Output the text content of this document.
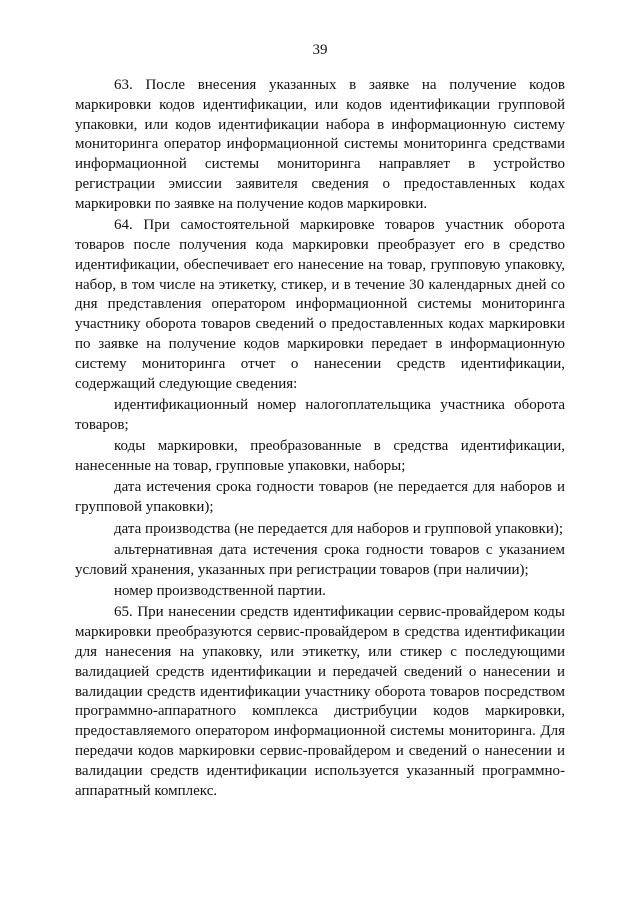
39

63. После внесения указанных в заявке на получение кодов маркировки кодов идентификации, или кодов идентификации групповой упаковки, или кодов идентификации набора в информационную систему мониторинга оператор информационной системы мониторинга средствами информационной системы мониторинга направляет в устройство регистрации эмиссии заявителя сведения о предоставленных кодах маркировки по заявке на получение кодов маркировки.

64. При самостоятельной маркировке товаров участник оборота товаров после получения кода маркировки преобразует его в средство идентификации, обеспечивает его нанесение на товар, групповую упаковку, набор, в том числе на этикетку, стикер, и в течение 30 календарных дней со дня представления оператором информационной системы мониторинга участнику оборота товаров сведений о предоставленных кодах маркировки по заявке на получение кодов маркировки передает в информационную систему мониторинга отчет о нанесении средств идентификации, содержащий следующие сведения:

идентификационный номер налогоплательщика участника оборота товаров;

коды маркировки, преобразованные в средства идентификации, нанесенные на товар, групповые упаковки, наборы;

дата истечения срока годности товаров (не передается для наборов и групповой упаковки);

дата производства (не передается для наборов и групповой упаковки);

альтернативная дата истечения срока годности товаров с указанием условий хранения, указанных при регистрации товаров (при наличии);

номер производственной партии.

65. При нанесении средств идентификации сервис-провайдером коды маркировки преобразуются сервис-провайдером в средства идентификации для нанесения на упаковку, или этикетку, или стикер с последующими валидацией средств идентификации и передачей сведений о нанесении и валидации средств идентификации участнику оборота товаров посредством программно-аппаратного комплекса дистрибуции кодов маркировки, предоставляемого оператором информационной системы мониторинга. Для передачи кодов маркировки сервис-провайдером и сведений о нанесении и валидации средств идентификации используется указанный программно-аппаратный комплекс.
